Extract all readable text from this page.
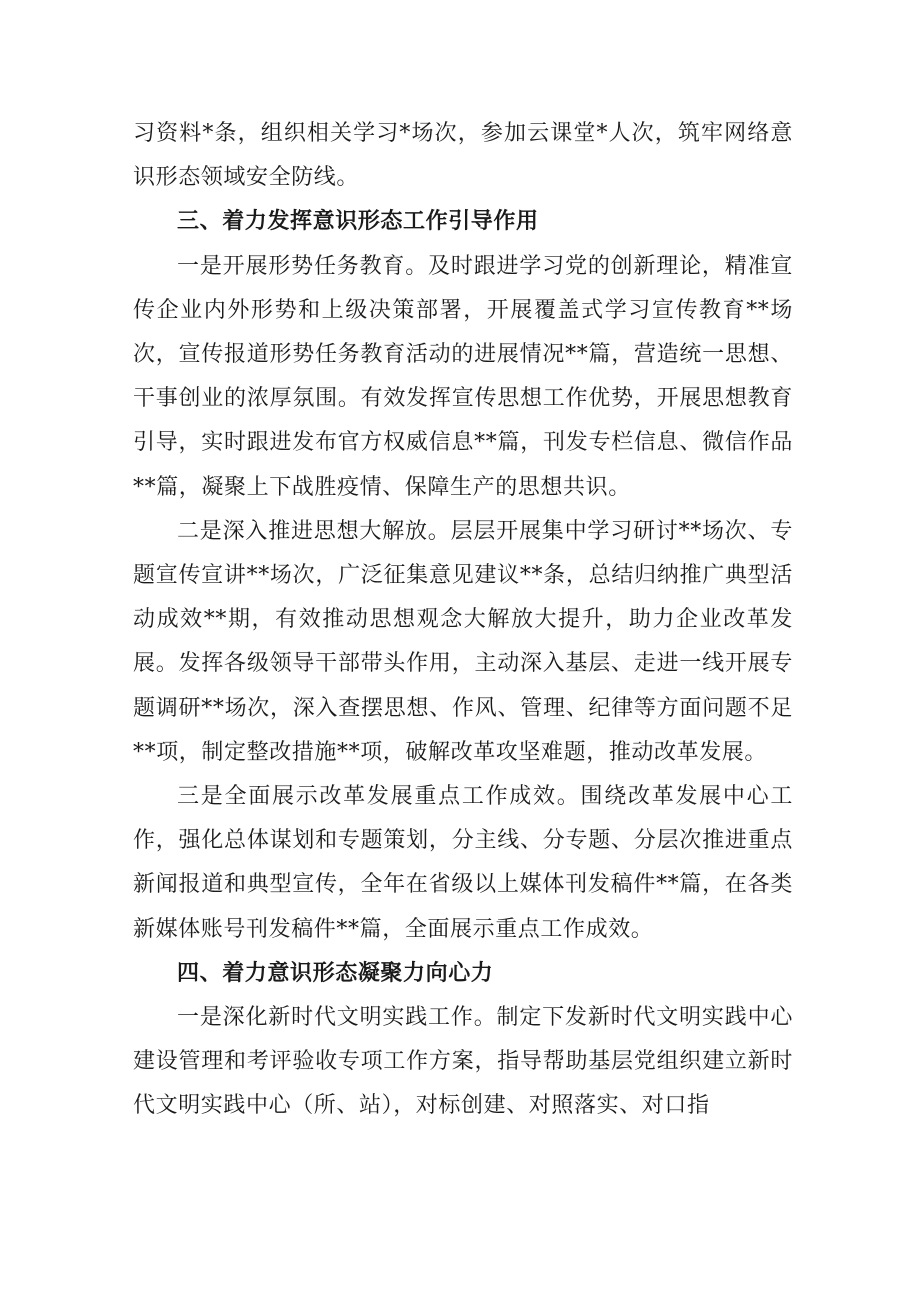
习资料*条，组织相关学习*场次，参加云课堂*人次，筑牢网络意识形态领域安全防线。

三、着力发挥意识形态工作引导作用

一是开展形势任务教育。及时跟进学习党的创新理论，精准宣传企业内外形势和上级决策部署，开展覆盖式学习宣传教育**场次，宣传报道形势任务教育活动的进展情况**篇，营造统一思想、干事创业的浓厚氛围。有效发挥宣传思想工作优势，开展思想教育引导，实时跟进发布官方权威信息**篇，刊发专栏信息、微信作品**篇，凝聚上下战胜疫情、保障生产的思想共识。

二是深入推进思想大解放。层层开展集中学习研讨**场次、专题宣传宣讲**场次，广泛征集意见建议**条，总结归纳推广典型活动成效**期，有效推动思想观念大解放大提升，助力企业改革发展。发挥各级领导干部带头作用，主动深入基层、走进一线开展专题调研**场次，深入查摆思想、作风、管理、纪律等方面问题不足**项，制定整改措施**项，破解改革攻坚难题，推动改革发展。

三是全面展示改革发展重点工作成效。围绕改革发展中心工作，强化总体谋划和专题策划，分主线、分专题、分层次推进重点新闻报道和典型宣传，全年在省级以上媒体刊发稿件**篇，在各类新媒体账号刊发稿件**篇，全面展示重点工作成效。

四、着力意识形态凝聚力向心力

一是深化新时代文明实践工作。制定下发新时代文明实践中心建设管理和考评验收专项工作方案，指导帮助基层党组织建立新时代文明实践中心（所、站），对标创建、对照落实、对口指
